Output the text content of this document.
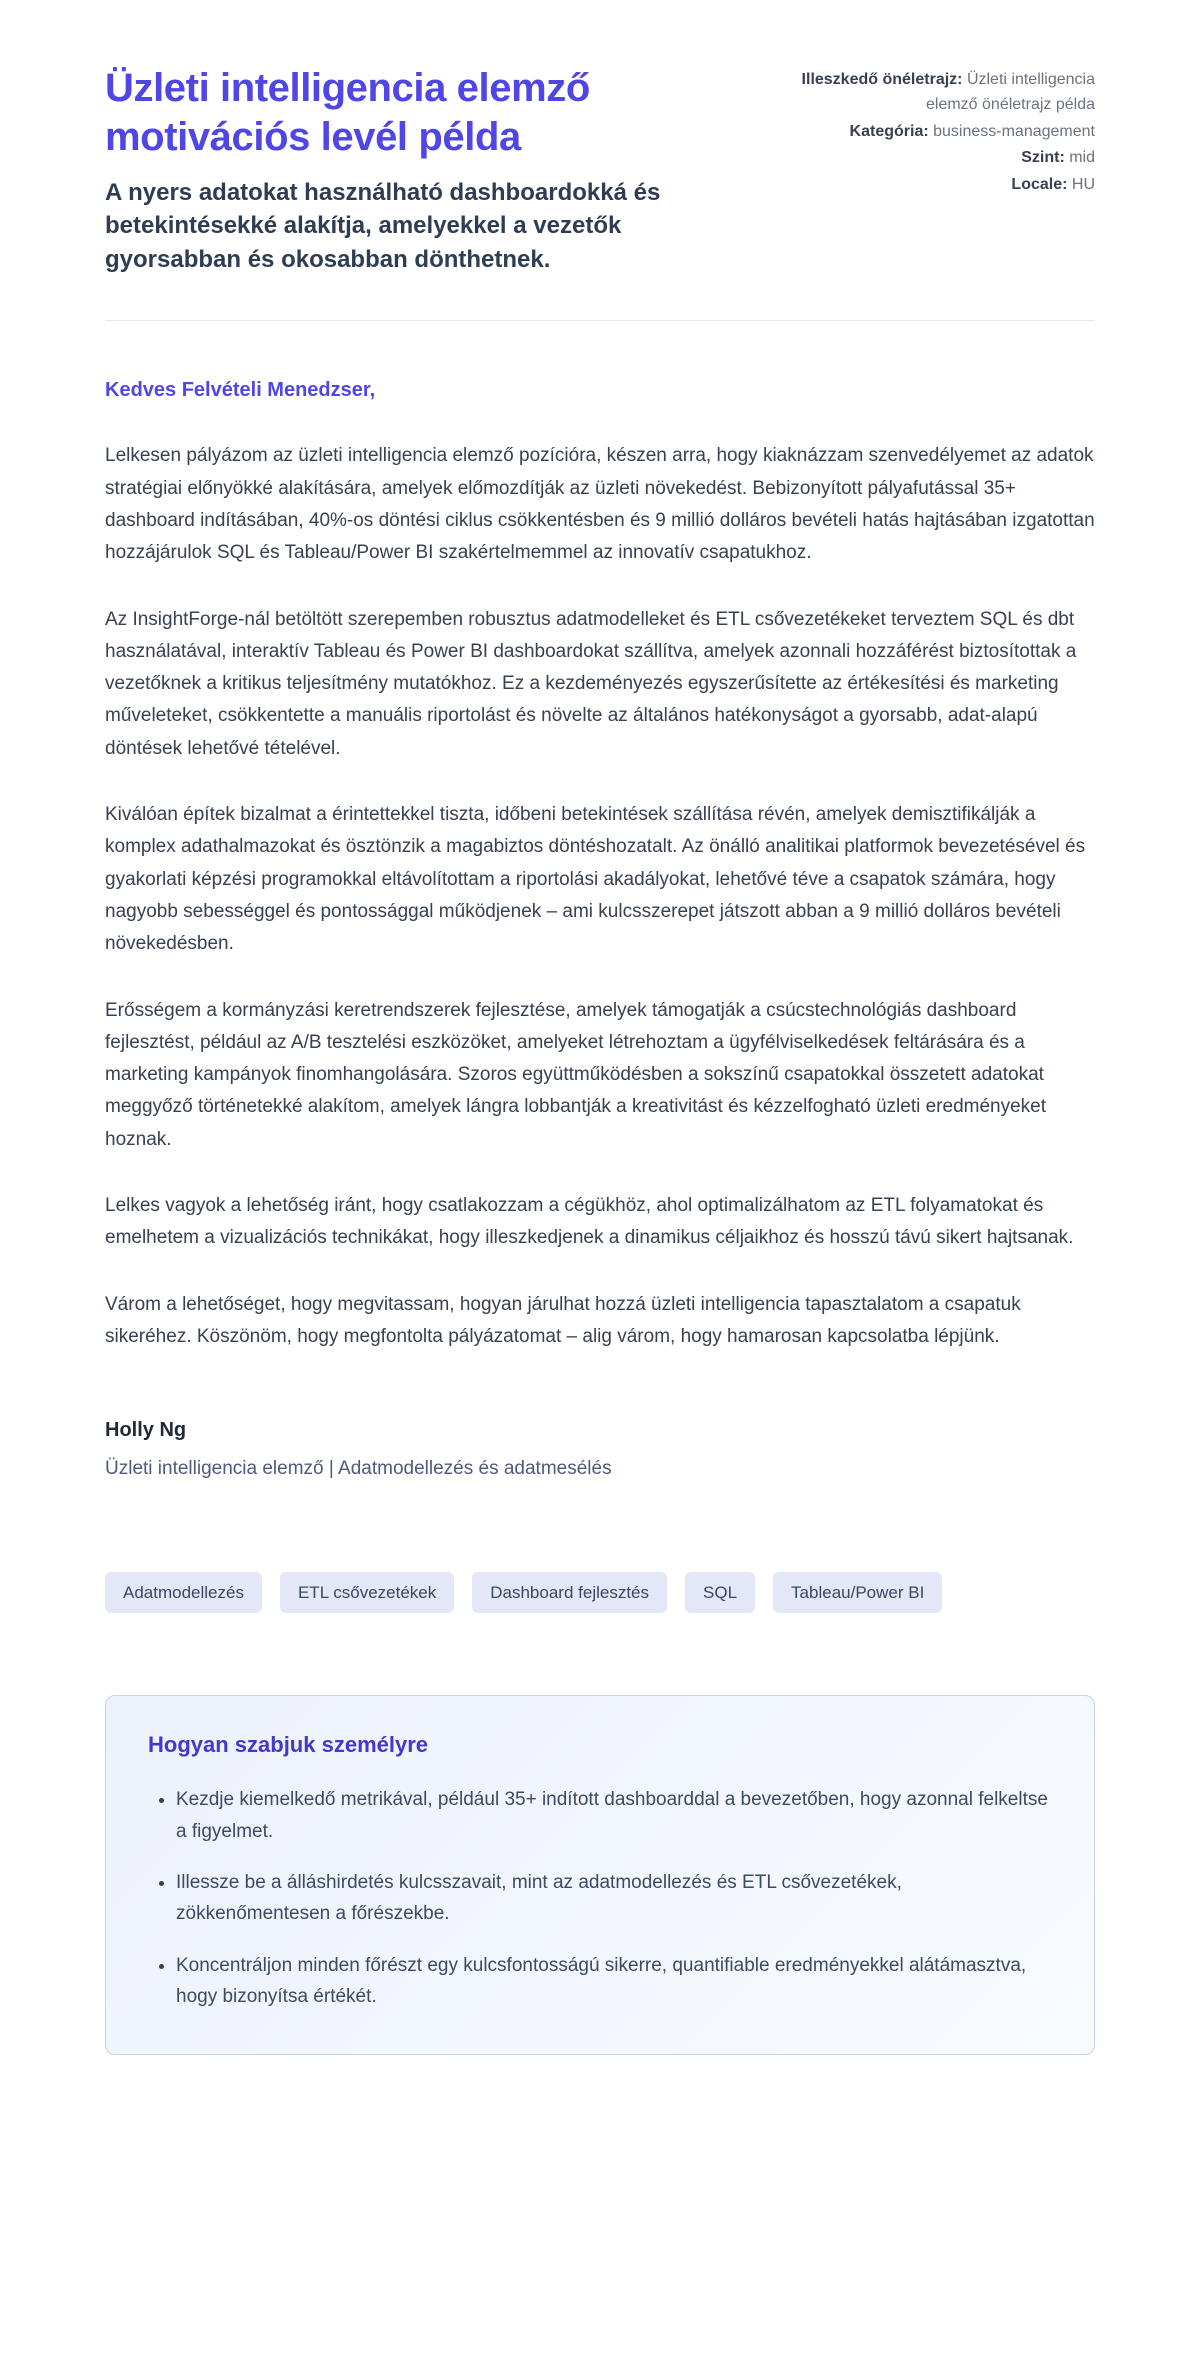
Üzleti intelligencia elemző motivációs levél példa

A nyers adatokat használható dashboardokká és betekintésekké alakítja, amelyekkel a vezetők gyorsabban és okosabban dönthetnek.

Illeszkedő önéletrajz: Üzleti intelligencia elemző önéletrajz példa
Kategória: business-management
Szint: mid
Locale: HU

Kedves Felvételi Menedzser,

Lelkesen pályázom az üzleti intelligencia elemző pozícióra, készen arra, hogy kiaknázzam szenvedélyemet az adatok stratégiai előnyökké alakítására, amelyek előmozdítják az üzleti növekedést. Bebizonyított pályafutással 35+ dashboard indításában, 40%-os döntési ciklus csökkentésben és 9 millió dolláros bevételi hatás hajtásában izgatottan hozzájárulok SQL és Tableau/Power BI szakértelmemmel az innovatív csapatukhoz.

Az InsightForge-nál betöltött szerepemben robusztus adatmodelleket és ETL csővezetékeket terveztem SQL és dbt használatával, interaktív Tableau és Power BI dashboardokat szállítva, amelyek azonnali hozzáférést biztosítottak a vezetőknek a kritikus teljesítmény mutatókhoz. Ez a kezdeményezés egyszerűsítette az értékesítési és marketing műveleteket, csökkentette a manuális riportolást és növelte az általános hatékonyságot a gyorsabb, adat-alapú döntések lehetővé tételével.

Kiválóan építek bizalmat a érintettekkel tiszta, időbeni betekintések szállítása révén, amelyek demisztifikálják a komplex adathalmazokat és ösztönzik a magabiztos döntéshozatalt. Az önálló analitikai platformok bevezetésével és gyakorlati képzési programokkal eltávolítottam a riportolási akadályokat, lehetővé téve a csapatok számára, hogy nagyobb sebességgel és pontossággal működjenek – ami kulcsszerepet játszott abban a 9 millió dolláros bevételi növekedésben.

Erősségem a kormányzási keretrendszerek fejlesztése, amelyek támogatják a csúcstechnológiás dashboard fejlesztést, például az A/B tesztelési eszközöket, amelyeket létrehoztam a ügyfélviselkedések feltárására és a marketing kampányok finomhangolására. Szoros együttműködésben a sokszínű csapatokkal összetett adatokat meggyőző történetekké alakítom, amelyek lángra lobbantják a kreativitást és kézzelfogható üzleti eredményeket hoznak.

Lelkes vagyok a lehetőség iránt, hogy csatlakozzam a cégükhöz, ahol optimalizálhatom az ETL folyamatokat és emelhetem a vizualizációs technikákat, hogy illeszkedjenek a dinamikus céljaikhoz és hosszú távú sikert hajtsanak.

Várom a lehetőséget, hogy megvitassam, hogyan járulhat hozzá üzleti intelligencia tapasztalatom a csapatuk sikeréhez. Köszönöm, hogy megfontolta pályázatomat – alig várom, hogy hamarosan kapcsolatba lépjünk.

Holly Ng

Üzleti intelligencia elemző | Adatmodellezés és adatmesélés

Adatmodellezés	ETL csővezetékek	Dashboard fejlesztés	SQL	Tableau/Power BI
Hogyan szabjuk személyre
• Kezdje kiemelkedő metrikával, például 35+ indított dashboarddal a bevezetőben, hogy azonnal felkeltse a figyelmet.
• Illessze be a álláshirdetés kulcsszavait, mint az adatmodellezés és ETL csővezetékek, zökkenőmentesen a főrészekbe.
• Koncentráljon minden főrészt egy kulcsfontosságú sikerre, quantifiable eredményekkel alátámasztva, hogy bizonyítsa értékét.
